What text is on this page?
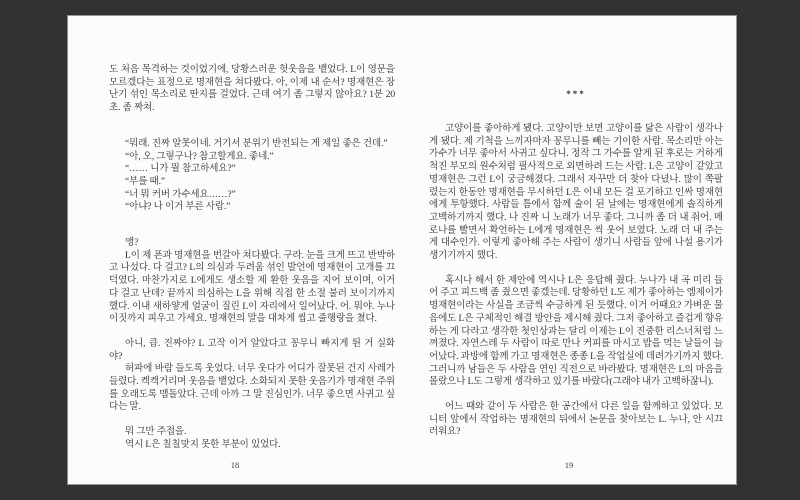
도 처음 목격하는 것이었기에, 당황스러운 헛웃음을 뱉었다. L이 영문을 모르겠다는 표정으로 명재현을 쳐다봤다. 아, 이제 내 순서? 명재현은 장난기 섞인 목소리로 딴지를 걸었다. 근데 여기 좀 그렇지 않아요? 1분 20초. 좀 짜쳐.

“뭐래. 진짜 알못이네. 거기서 분위기 반전되는 게 제일 좋은 건데.”

“아, 오, 그렇구나? 참고할게요. 좋네.”

“…… 니가 뭘 참고하세요?”

“부를 때.”

“너 뭐 커버 가수세요……?”

“아냐? 나 이거 부른 사람.”

앵?

L이 제 폰과 명재현을 번갈아 쳐다봤다. 구라. 눈을 크게 뜨고 반박하고 나섰다. 다 걸고? L의 의심과 두려움 섞인 발언에 명재현이 고개를 끄덕였다. 마찬가지로 L에게도 생소할 제 환한 웃음을 지어 보이며, 이거 다 걸고 난데? 끝까지 의심하는 L을 위해 직접 한 소절 불러 보이기까지 했다. 이내 새하얗게 얼굴이 질린 L이 자리에서 일어났다. 어. 뭐야. 누나 이짓까지 피우고 가세요. 명재현의 말을 대차게 씹고 줄행랑을 쳤다.

아니, 큽. 진짜야? L 고작 이거 알았다고 꽁무니 빠지게 튄 거 실화야?

허파에 바람 들도록 웃었다. 너무 웃다가 어디가 잘못된 건지 사레가 들렸다. 켁켁거리며 웃음을 뱉었다. 소화되지 못한 웃음기가 명재현 주위를 오래도록 맴돌았다. 근데 아까 그 말 진심인가. 너무 좋으면 사귀고 싶다는 말.

뭐 그만 주접을.

역시 L은 칠칠맞지 못한 부분이 있었다.

18
***

고양이를 좋아하게 됐다. 고양이만 보면 고양이를 닮은 사람이 생각나게 됐다. 제 기척을 느끼자마자 꽁무니를 빼는 기이한 사람. 목소리만 아는 가수가 너무 좋아서 사귀고 싶다니. 정작 그 가수를 알게 된 후로는 거하게 척진 부모의 원수처럼 필사적으로 외면하려 드는 사람. L은 고양이 같았고 명재현은 그런 L이 궁금해졌다. 그래서 자꾸만 더 찾아 다녔나. 많이 쪽팔렸는지 한동안 명재현을 무시하던 L은 이내 모든 걸 포기하고 인싸 명재현에게 투항했다. 사람들 틈에서 함께 술이 된 날에는 명재현에게 솔직하게 고백하기까지 했다. 나 진짜 니 노래가 너무 좋다. 그니까 좀 더 내 줘어. 메로나를 빨면서 확언하는 L에게 명재현은 씩 웃어 보였다. 노래 더 내 주는 게 대수인가. 이렇게 좋아해 주는 사람이 생기니 사람들 앞에 나설 용기가 생기기까지 했다.

혹시나 해서 한 제안에 역시나 L은 응답해 줬다. 누나가 내 곡 미리 들어 주고 피드백 좀 줬으면 좋겠는데. 당황하던 L도 제가 좋아하는 엠제이가 명재현이라는 사실을 조금씩 수긍하게 된 듯했다. 이거 어때요? 가벼운 물음에도 L은 구체적인 해결 방안을 제시해 줬다. 그저 좋아하고 즐겁게 향유하는 게 다라고 생각한 첫인상과는 달리 이제는 L이 진중한 리스너처럼 느껴졌다. 자연스레 두 사람이 따로 만나 커피를 마시고 밥을 먹는 날들이 늘어났다. 과방에 함께 가고 명재현은 종종 L을 작업실에 데려가기까지 했다. 그러니까 남들은 두 사람을 연인 직전으로 바라봤다. 명재현은 L의 마음을 몰랐으나 L도 그렇게 생각하고 있기를 바랐다(그래야 내가 고백하잖니).

어느 때와 같이 두 사람은 한 공간에서 다른 일을 함께하고 있었다. 모니터 앞에서 작업하는 명재현의 뒤에서 논문을 찾아보는 L. 누나, 안 시끄러워요?

19
